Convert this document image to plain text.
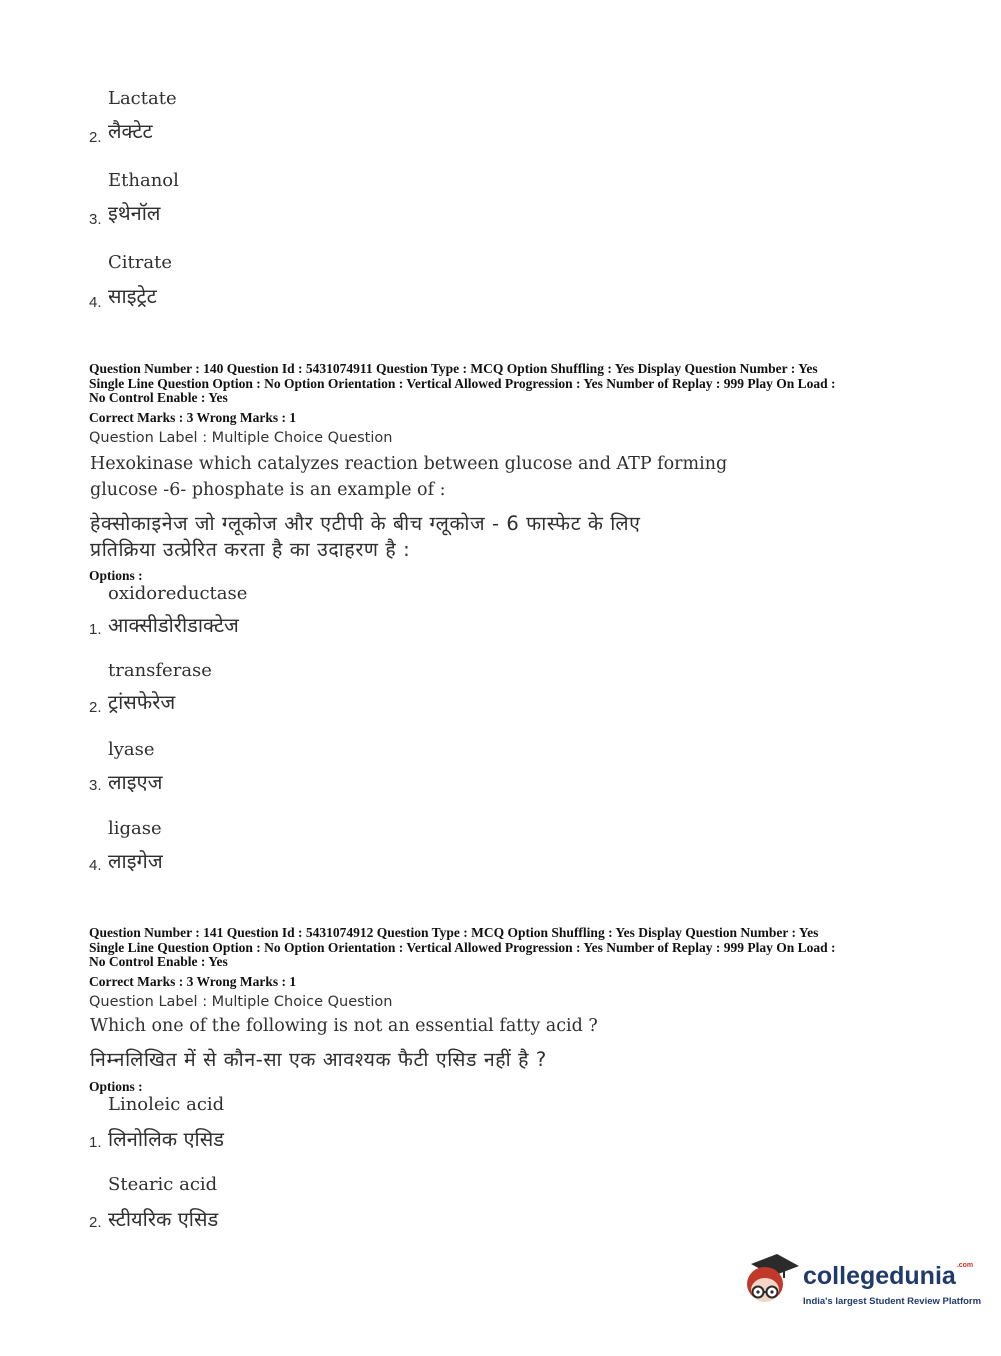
Lactate
2. लैक्टेट
Ethanol
3. इथेनॉल
Citrate
4. साइट्रेट
Question Number : 140 Question Id : 5431074911 Question Type : MCQ Option Shuffling : Yes Display Question Number : Yes
Single Line Question Option : No Option Orientation : Vertical Allowed Progression : Yes Number of Replay : 999 Play On Load :
No Control Enable : Yes
Correct Marks : 3 Wrong Marks : 1
Question Label : Multiple Choice Question
Hexokinase which catalyzes reaction between glucose and ATP forming
glucose -6- phosphate is an example of :
हेक्सोकाइनेज जो ग्लूकोज और एटीपी के बीच ग्लूकोज - 6 फास्फेट के लिए
प्रतिक्रिया उत्प्रेरित करता है का उदाहरण है :
Options :
oxidoreductase
1. आक्सीडोरीडाक्टेज
transferase
2. ट्रांसफेरेज
lyase
3. लाइएज
ligase
4. लाइगेज
Question Number : 141 Question Id : 5431074912 Question Type : MCQ Option Shuffling : Yes Display Question Number : Yes
Single Line Question Option : No Option Orientation : Vertical Allowed Progression : Yes Number of Replay : 999 Play On Load :
No Control Enable : Yes
Correct Marks : 3 Wrong Marks : 1
Question Label : Multiple Choice Question
Which one of the following is not an essential fatty acid ?
निम्नलिखित में से कौन-सा एक आवश्यक फैटी एसिड नहीं है ?
Options :
Linoleic acid
1. लिनोलिक एसिड
Stearic acid
2. स्टीयरिक एसिड
collegedunia$^{.com}$
India's largest Student Review Platform
